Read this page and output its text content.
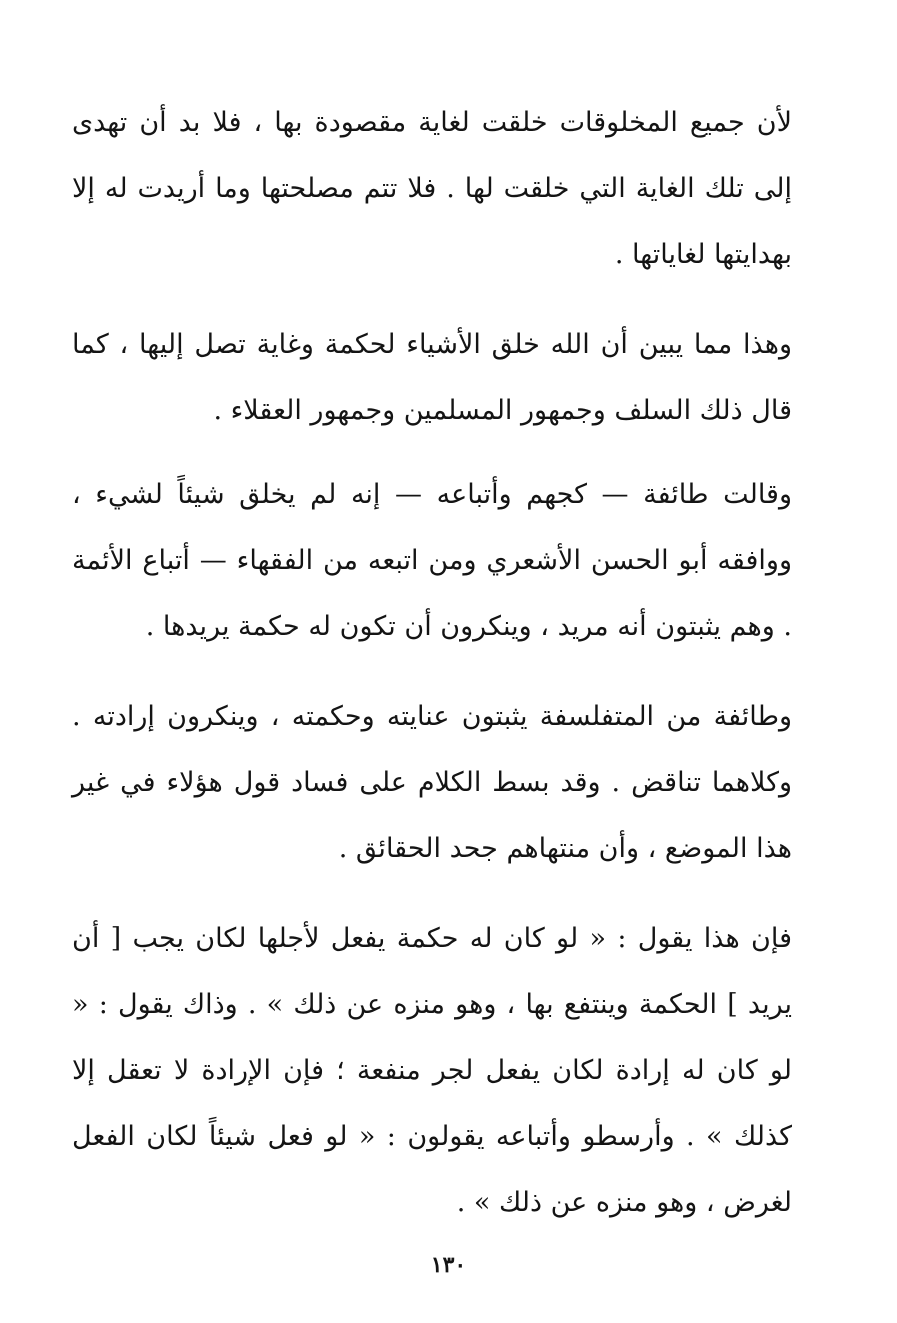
لأن جميع المخلوقات خلقت لغاية مقصودة بها ، فلا بد أن تهدى إلى تلك الغاية التي خلقت لها . فلا تتم مصلحتها وما أريدت له إلا بهدايتها لغاياتها .

وهذا مما يبين أن الله خلق الأشياء لحكمة وغاية تصل إليها ، كما قال ذلك السلف وجمهور المسلمين وجمهور العقلاء .

وقالت طائفة — كجهم وأتباعه — إنه لم يخلق شيئاً لشيء ، ووافقه أبو الحسن الأشعري ومن اتبعه من الفقهاء — أتباع الأئمة . وهم يثبتون أنه مريد ، وينكرون أن تكون له حكمة يريدها .

وطائفة من المتفلسفة يثبتون عنايته وحكمته ، وينكرون إرادته . وكلاهما تناقض . وقد بسط الكلام على فساد قول هؤلاء في غير هذا الموضع ، وأن منتهاهم جحد الحقائق .

فإن هذا يقول : « لو كان له حكمة يفعل لأجلها لكان يجب [ أن يريد ] الحكمة وينتفع بها ، وهو منزه عن ذلك » . وذاك يقول : « لو كان له إرادة لكان يفعل لجر منفعة ؛ فإن الإرادة لا تعقل إلا كذلك » . وأرسطو وأتباعه يقولون : « لو فعل شيئاً لكان الفعل لغرض ، وهو منزه عن ذلك » .

١٣٠
